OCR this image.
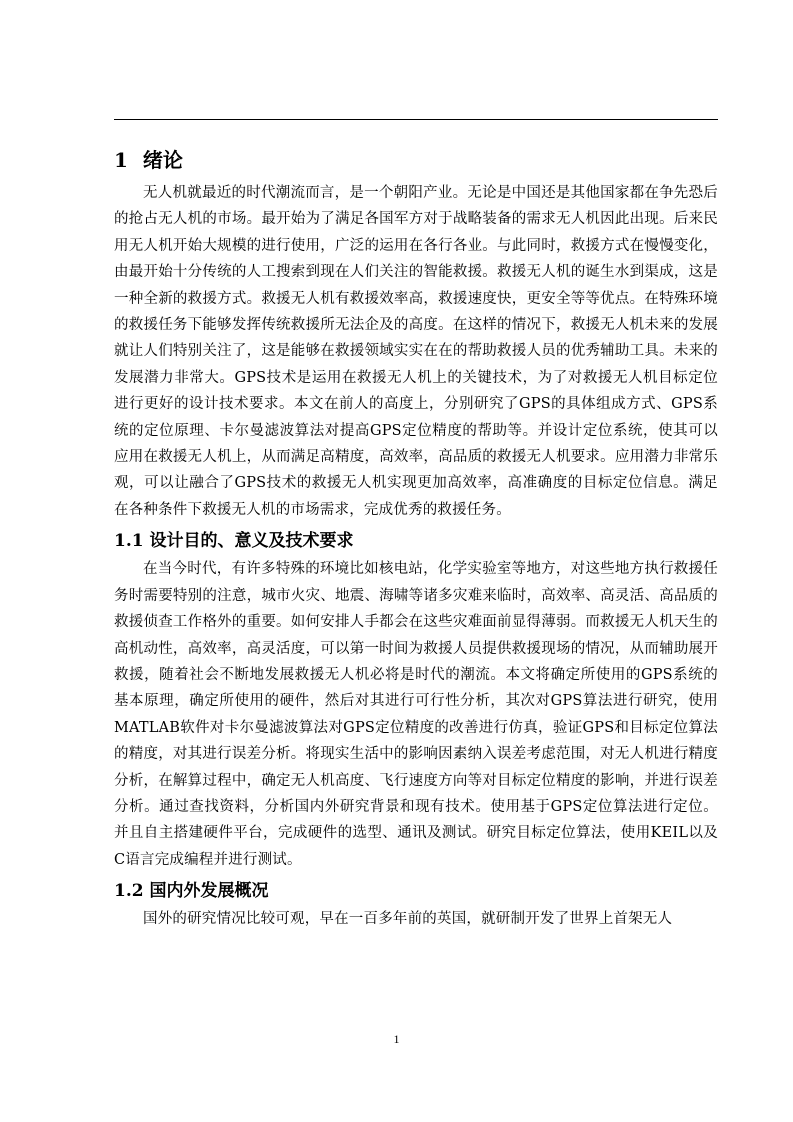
1 绪论

无人机就最近的时代潮流而言，是一个朝阳产业。无论是中国还是其他国家都在争先恐后的抢占无人机的市场。最开始为了满足各国军方对于战略装备的需求无人机因此出现。后来民用无人机开始大规模的进行使用，广泛的运用在各行各业。与此同时，救援方式在慢慢变化，由最开始十分传统的人工搜索到现在人们关注的智能救援。救援无人机的诞生水到渠成，这是一种全新的救援方式。救援无人机有救援效率高，救援速度快，更安全等等优点。在特殊环境的救援任务下能够发挥传统救援所无法企及的高度。在这样的情况下，救援无人机未来的发展就让人们特别关注了，这是能够在救援领域实实在在的帮助救援人员的优秀辅助工具。未来的发展潜力非常大。GPS技术是运用在救援无人机上的关键技术，为了对救援无人机目标定位进行更好的设计技术要求。本文在前人的高度上，分别研究了GPS的具体组成方式、GPS系统的定位原理、卡尔曼滤波算法对提高GPS定位精度的帮助等。并设计定位系统，使其可以应用在救援无人机上，从而满足高精度，高效率，高品质的救援无人机要求。应用潜力非常乐观，可以让融合了GPS技术的救援无人机实现更加高效率，高准确度的目标定位信息。满足在各种条件下救援无人机的市场需求，完成优秀的救援任务。

1.1 设计目的、意义及技术要求

在当今时代，有许多特殊的环境比如核电站，化学实验室等地方，对这些地方执行救援任务时需要特别的注意，城市火灾、地震、海啸等诸多灾难来临时，高效率、高灵活、高品质的救援侦查工作格外的重要。如何安排人手都会在这些灾难面前显得薄弱。而救援无人机天生的高机动性，高效率，高灵活度，可以第一时间为救援人员提供救援现场的情况，从而辅助展开救援，随着社会不断地发展救援无人机必将是时代的潮流。本文将确定所使用的GPS系统的基本原理，确定所使用的硬件，然后对其进行可行性分析，其次对GPS算法进行研究，使用MATLAB软件对卡尔曼滤波算法对GPS定位精度的改善进行仿真，验证GPS和目标定位算法的精度，对其进行误差分析。将现实生活中的影响因素纳入误差考虑范围，对无人机进行精度分析，在解算过程中，确定无人机高度、飞行速度方向等对目标定位精度的影响，并进行误差分析。通过查找资料，分析国内外研究背景和现有技术。使用基于GPS定位算法进行定位。并且自主搭建硬件平台，完成硬件的选型、通讯及测试。研究目标定位算法，使用KEIL以及C语言完成编程并进行测试。

1.2 国内外发展概况

国外的研究情况比较可观，早在一百多年前的英国，就研制开发了世界上首架无人

1
